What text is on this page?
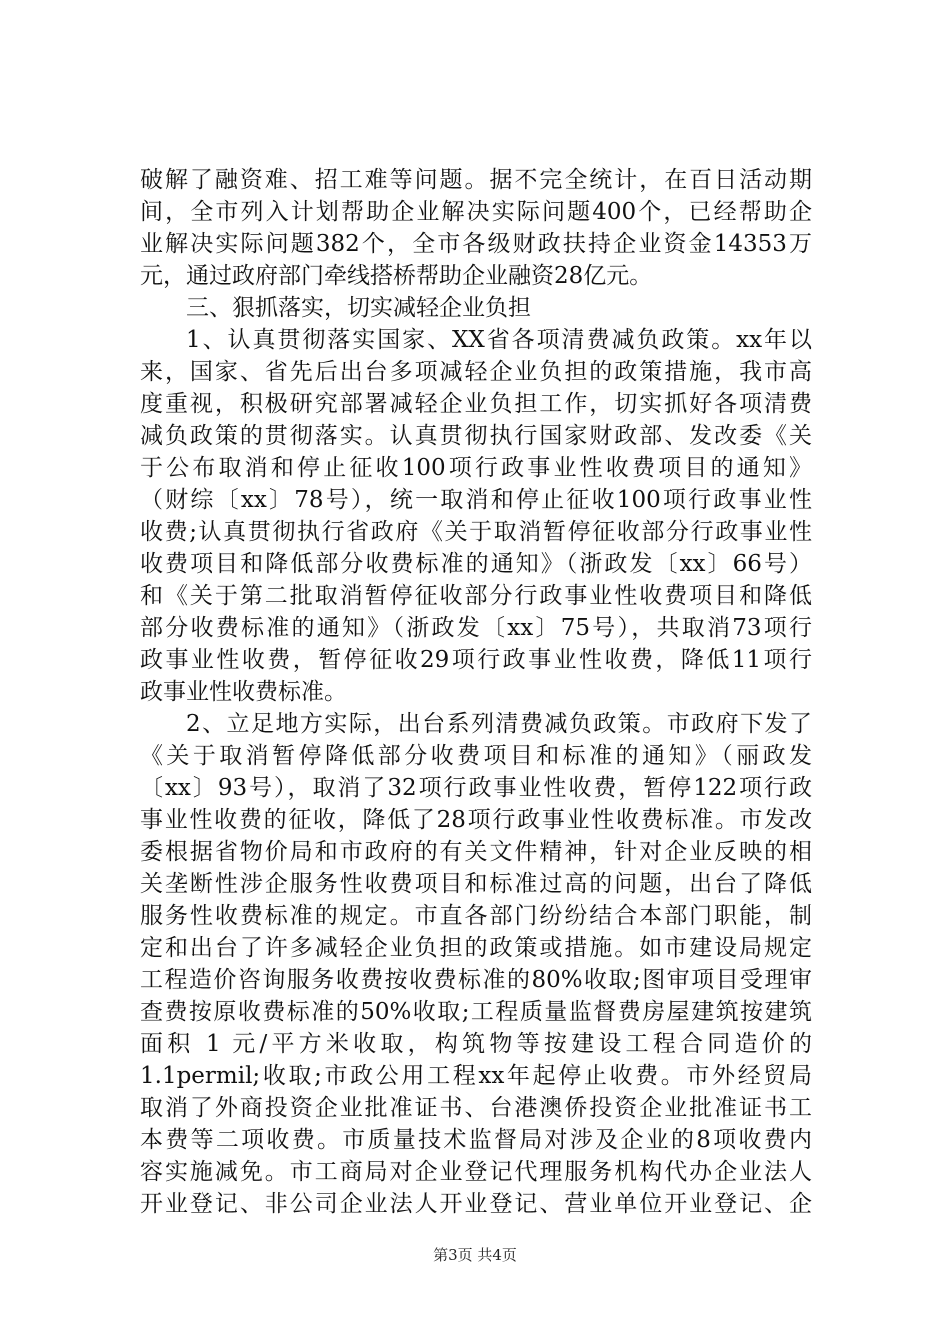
破解了融资难、招工难等问题。据不完全统计，在百日活动期
间，全市列入计划帮助企业解决实际问题400个，已经帮助企
业解决实际问题382个，全市各级财政扶持企业资金14353万
元，通过政府部门牵线搭桥帮助企业融资28亿元。
三、狠抓落实，切实减轻企业负担
1、认真贯彻落实国家、XX省各项清费减负政策。xx年以
来，国家、省先后出台多项减轻企业负担的政策措施，我市高
度重视，积极研究部署减轻企业负担工作，切实抓好各项清费
减负政策的贯彻落实。认真贯彻执行国家财政部、发改委《关
于公布取消和停止征收100项行政事业性收费项目的通知》
（财综〔xx〕78号），统一取消和停止征收100项行政事业性
收费;认真贯彻执行省政府《关于取消暂停征收部分行政事业性
收费项目和降低部分收费标准的通知》（浙政发〔xx〕66号）
和《关于第二批取消暂停征收部分行政事业性收费项目和降低
部分收费标准的通知》（浙政发〔xx〕75号），共取消73项行
政事业性收费，暂停征收29项行政事业性收费，降低11项行
政事业性收费标准。
2、立足地方实际，出台系列清费减负政策。市政府下发了
《关于取消暂停降低部分收费项目和标准的通知》（丽政发
〔xx〕93号），取消了32项行政事业性收费，暂停122项行政
事业性收费的征收，降低了28项行政事业性收费标准。市发改
委根据省物价局和市政府的有关文件精神，针对企业反映的相
关垄断性涉企服务性收费项目和标准过高的问题，出台了降低
服务性收费标准的规定。市直各部门纷纷结合本部门职能，制
定和出台了许多减轻企业负担的政策或措施。如市建设局规定
工程造价咨询服务收费按收费标准的80%收取;图审项目受理审
查费按原收费标准的50%收取;工程质量监督费房屋建筑按建筑
面积 1 元/平方米收取，构筑物等按建设工程合同造价的
1.1permil;收取;市政公用工程xx年起停止收费。市外经贸局
取消了外商投资企业批准证书、台港澳侨投资企业批准证书工
本费等二项收费。市质量技术监督局对涉及企业的8项收费内
容实施减免。市工商局对企业登记代理服务机构代办企业法人
开业登记、非公司企业法人开业登记、营业单位开业登记、企
第3页 共4页
